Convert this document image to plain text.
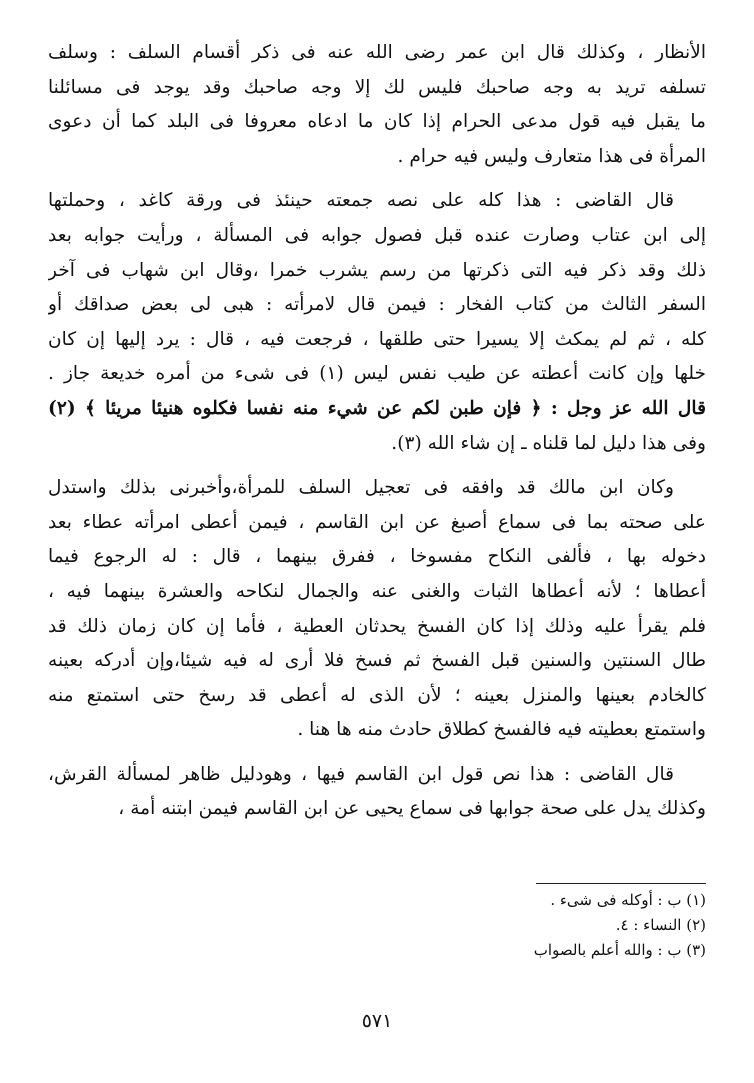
الأنظار ، وكذلك قال ابن عمر رضى الله عنه فى ذكر أقسام السلف : وسلف
تسلفه تريد به وجه صاحبك فليس لك إلا وجه صاحبك وقد يوجد فى مسائلنا
ما يقبل فيه قول مدعى الحرام إذا كان ما ادعاه معروفا فى البلد كما أن دعوى
المرأة فى هذا متعارف وليس فيه حرام .
قال القاضى : هذا كله على نصه جمعته حينئذ فى ورقة كاغد ، وحملتها
إلى ابن عتاب وصارت عنده قبل فصول جوابه فى المسألة ، ورأيت جوابه بعد
ذلك وقد ذكر فيه التى ذكرتها من رسم يشرب خمرا ،وقال ابن شهاب فى آخر
السفر الثالث من كتاب الفخار : فيمن قال لامرأته : هبى لى بعض صداقك أو
كله ، ثم لم يمكث إلا يسيرا حتى طلقها ، فرجعت فيه ، قال : يرد إليها إن كان
خلها وإن كانت أعطته عن طيب نفس ليس (١) فى شىء من أمره خديعة جاز .
قال الله عز وجل : ﴿ فإن طبن لكم عن شيء منه نفسا فكلوه هنيئا مريئا ﴾ (٢)
وفى هذا دليل لما قلناه ـ إن شاء الله (٣).
وكان ابن مالك قد وافقه فى تعجيل السلف للمرأة،وأخبرنى بذلك واستدل
على صحته بما فى سماع أصبغ عن ابن القاسم ، فيمن أعطى امرأته عطاء بعد
دخوله بها ، فألفى النكاح مفسوخا ، ففرق بينهما ، قال : له الرجوع فيما
أعطاها ؛ لأنه أعطاها الثبات والغنى عنه والجمال لنكاحه والعشرة بينهما فيه ،
فلم يقرأ عليه وذلك إذا كان الفسخ يحدثان العطية ، فأما إن كان زمان ذلك قد
طال السنتين والسنين قبل الفسخ ثم فسخ فلا أرى له فيه شيئا،وإن أدركه بعينه
كالخادم بعينها والمنزل بعينه ؛ لأن الذى له أعطى قد رسخ حتى استمتع منه
واستمتع بعطيته فيه فالفسخ كطلاق حادث منه ها هنا .
قال القاضى : هذا نص قول ابن القاسم فيها ، وهودليل ظاهر لمسألة القرش،
وكذلك يدل على صحة جوابها فى سماع يحيى عن ابن القاسم فيمن ابتنه أمة ،
(١) ب : أوكله فى شىء .
(٢) النساء : ٤.
(٣) ب : والله أعلم بالصواب
٥٧١
